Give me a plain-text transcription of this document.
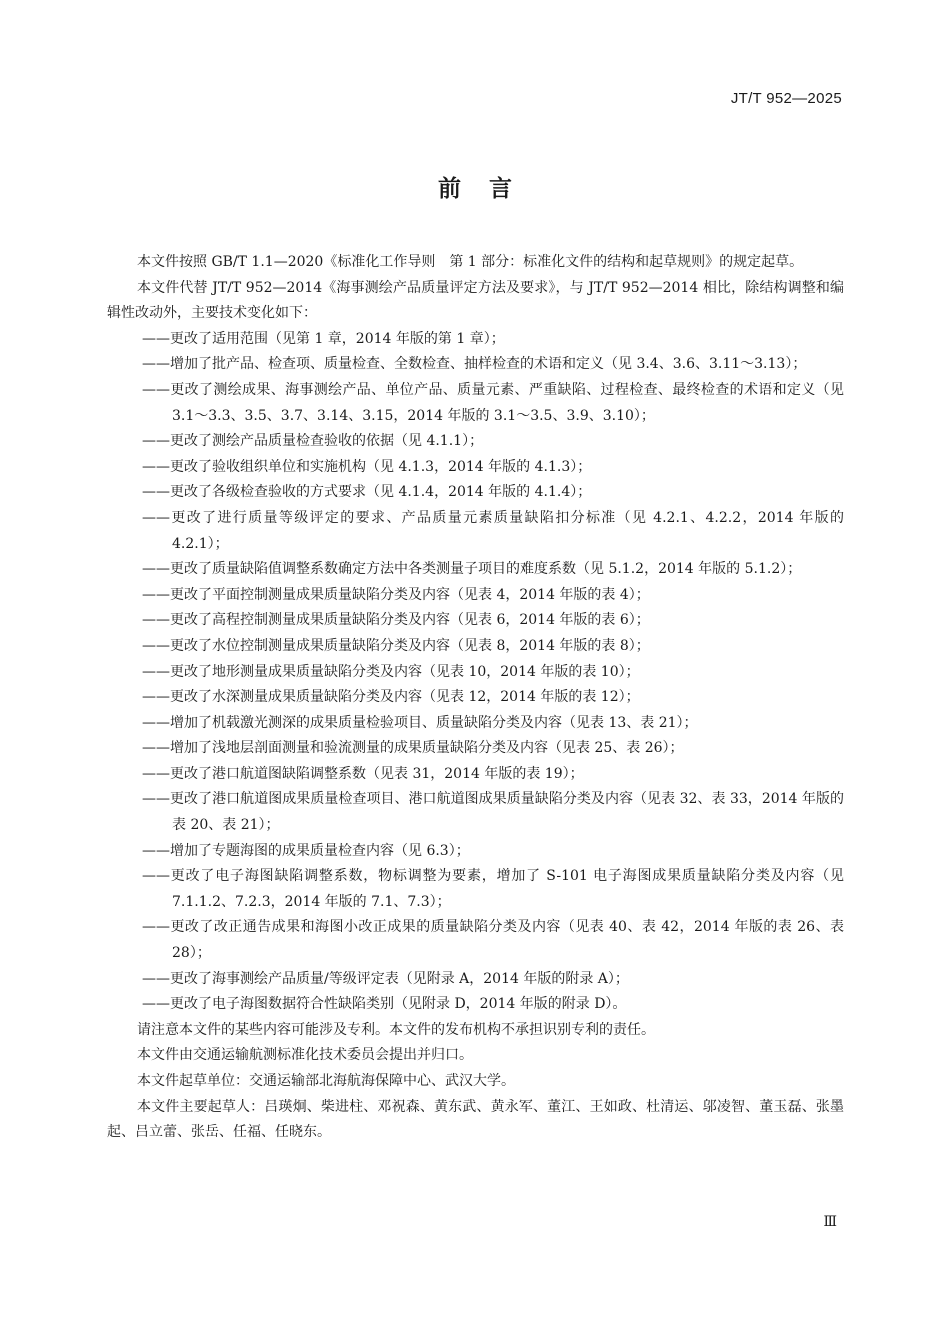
JT/T 952—2025
前言

本文件按照 GB/T 1.1—2020《标准化工作导则　第 1 部分：标准化文件的结构和起草规则》的规定起草。

本文件代替 JT/T 952—2014《海事测绘产品质量评定方法及要求》，与 JT/T 952—2014 相比，除结构调整和编辑性改动外，主要技术变化如下：

——更改了适用范围（见第 1 章，2014 年版的第 1 章）；

——增加了批产品、检查项、质量检查、全数检查、抽样检查的术语和定义（见 3.4、3.6、3.11～3.13）；

——更改了测绘成果、海事测绘产品、单位产品、质量元素、严重缺陷、过程检查、最终检查的术语和定义（见 3.1～3.3、3.5、3.7、3.14、3.15，2014 年版的 3.1～3.5、3.9、3.10）；

——更改了测绘产品质量检查验收的依据（见 4.1.1）；

——更改了验收组织单位和实施机构（见 4.1.3，2014 年版的 4.1.3）；

——更改了各级检查验收的方式要求（见 4.1.4，2014 年版的 4.1.4）；

——更改了进行质量等级评定的要求、产品质量元素质量缺陷扣分标准（见 4.2.1、4.2.2，2014 年版的 4.2.1）；

——更改了质量缺陷值调整系数确定方法中各类测量子项目的难度系数（见 5.1.2，2014 年版的 5.1.2）；

——更改了平面控制测量成果质量缺陷分类及内容（见表 4，2014 年版的表 4）；

——更改了高程控制测量成果质量缺陷分类及内容（见表 6，2014 年版的表 6）；

——更改了水位控制测量成果质量缺陷分类及内容（见表 8，2014 年版的表 8）；

——更改了地形测量成果质量缺陷分类及内容（见表 10，2014 年版的表 10）；

——更改了水深测量成果质量缺陷分类及内容（见表 12，2014 年版的表 12）；

——增加了机载激光测深的成果质量检验项目、质量缺陷分类及内容（见表 13、表 21）；

——增加了浅地层剖面测量和验流测量的成果质量缺陷分类及内容（见表 25、表 26）；

——更改了港口航道图缺陷调整系数（见表 31，2014 年版的表 19）；

——更改了港口航道图成果质量检查项目、港口航道图成果质量缺陷分类及内容（见表 32、表 33，2014 年版的表 20、表 21）；

——增加了专题海图的成果质量检查内容（见 6.3）；

——更改了电子海图缺陷调整系数，物标调整为要素，增加了 S-101 电子海图成果质量缺陷分类及内容（见 7.1.1.2、7.2.3，2014 年版的 7.1、7.3）；

——更改了改正通告成果和海图小改正成果的质量缺陷分类及内容（见表 40、表 42，2014 年版的表 26、表 28）；

——更改了海事测绘产品质量/等级评定表（见附录 A，2014 年版的附录 A）；

——更改了电子海图数据符合性缺陷类别（见附录 D，2014 年版的附录 D）。

请注意本文件的某些内容可能涉及专利。本文件的发布机构不承担识别专利的责任。

本文件由交通运输航测标准化技术委员会提出并归口。

本文件起草单位：交通运输部北海航海保障中心、武汉大学。

本文件主要起草人：吕瑛炯、柴进柱、邓祝森、黄东武、黄永军、董江、王如政、杜清运、邬凌智、董玉磊、张墨起、吕立蕾、张岳、任福、任晓东。

Ⅲ
